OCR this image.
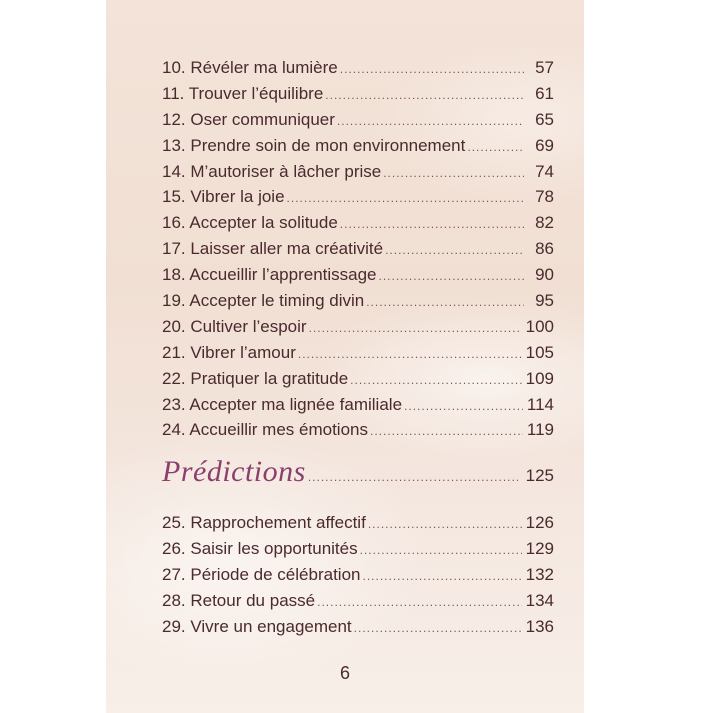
10. Révéler ma lumière .....	57
11. Trouver l’équilibre .....	61
12. Oser communiquer .....	65
13. Prendre soin de mon environnement .....	69
14. M’autoriser à lâcher prise .....	74
15. Vibrer la joie .....	78
16. Accepter la solitude .....	82
17. Laisser aller ma créativité .....	86
18. Accueillir l’apprentissage .....	90
19. Accepter le timing divin .....	95
20. Cultiver l’espoir .....	100
21. Vibrer l’amour .....	105
22. Pratiquer la gratitude .....	109
23. Accepter ma lignée familiale .....	114
24. Accueillir mes émotions .....	119
Prédictions .....	125
25. Rapprochement affectif .....	126
26. Saisir les opportunités .....	129
27. Période de célébration .....	132
28. Retour du passé .....	134
29. Vivre un engagement .....	136
6
